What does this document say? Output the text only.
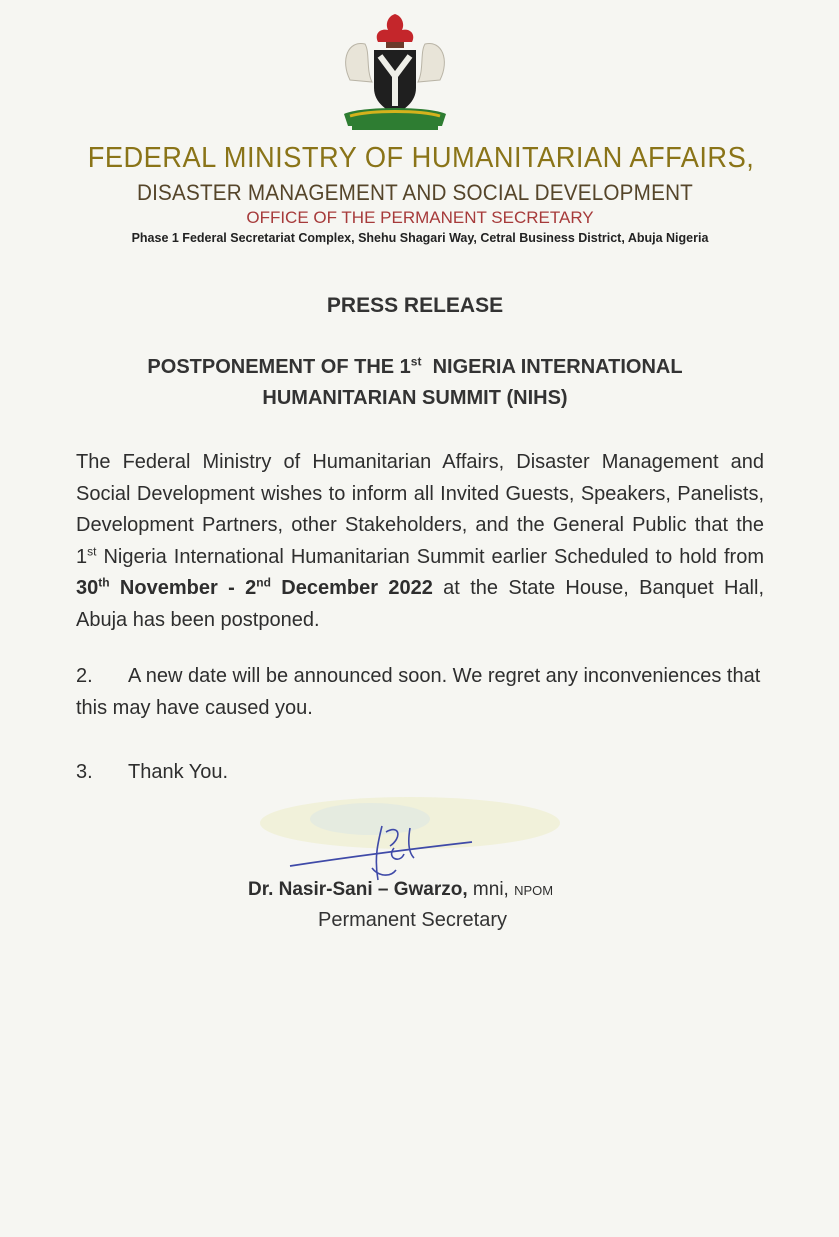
FEDERAL MINISTRY OF HUMANITARIAN AFFAIRS,
DISASTER MANAGEMENT AND SOCIAL DEVELOPMENT
OFFICE OF THE PERMANENT SECRETARY
Phase 1 Federal Secretariat Complex, Shehu Shagari Way, Cetral Business District, Abuja Nigeria
PRESS RELEASE
POSTPONEMENT OF THE 1st  NIGERIA INTERNATIONAL
HUMANITARIAN SUMMIT (NIHS)
The Federal Ministry of Humanitarian Affairs, Disaster Management and Social Development wishes to inform all Invited Guests, Speakers, Panelists, Development Partners, other Stakeholders, and the General Public that the 1st Nigeria International Humanitarian Summit earlier Scheduled to hold from 30th November - 2nd December 2022 at the State House, Banquet Hall, Abuja has been postponed.
2. A new date will be announced soon. We regret any inconveniences that this may have caused you.
3. Thank You.
Dr. Nasir-Sani – Gwarzo, mni, NPOM
Permanent Secretary
